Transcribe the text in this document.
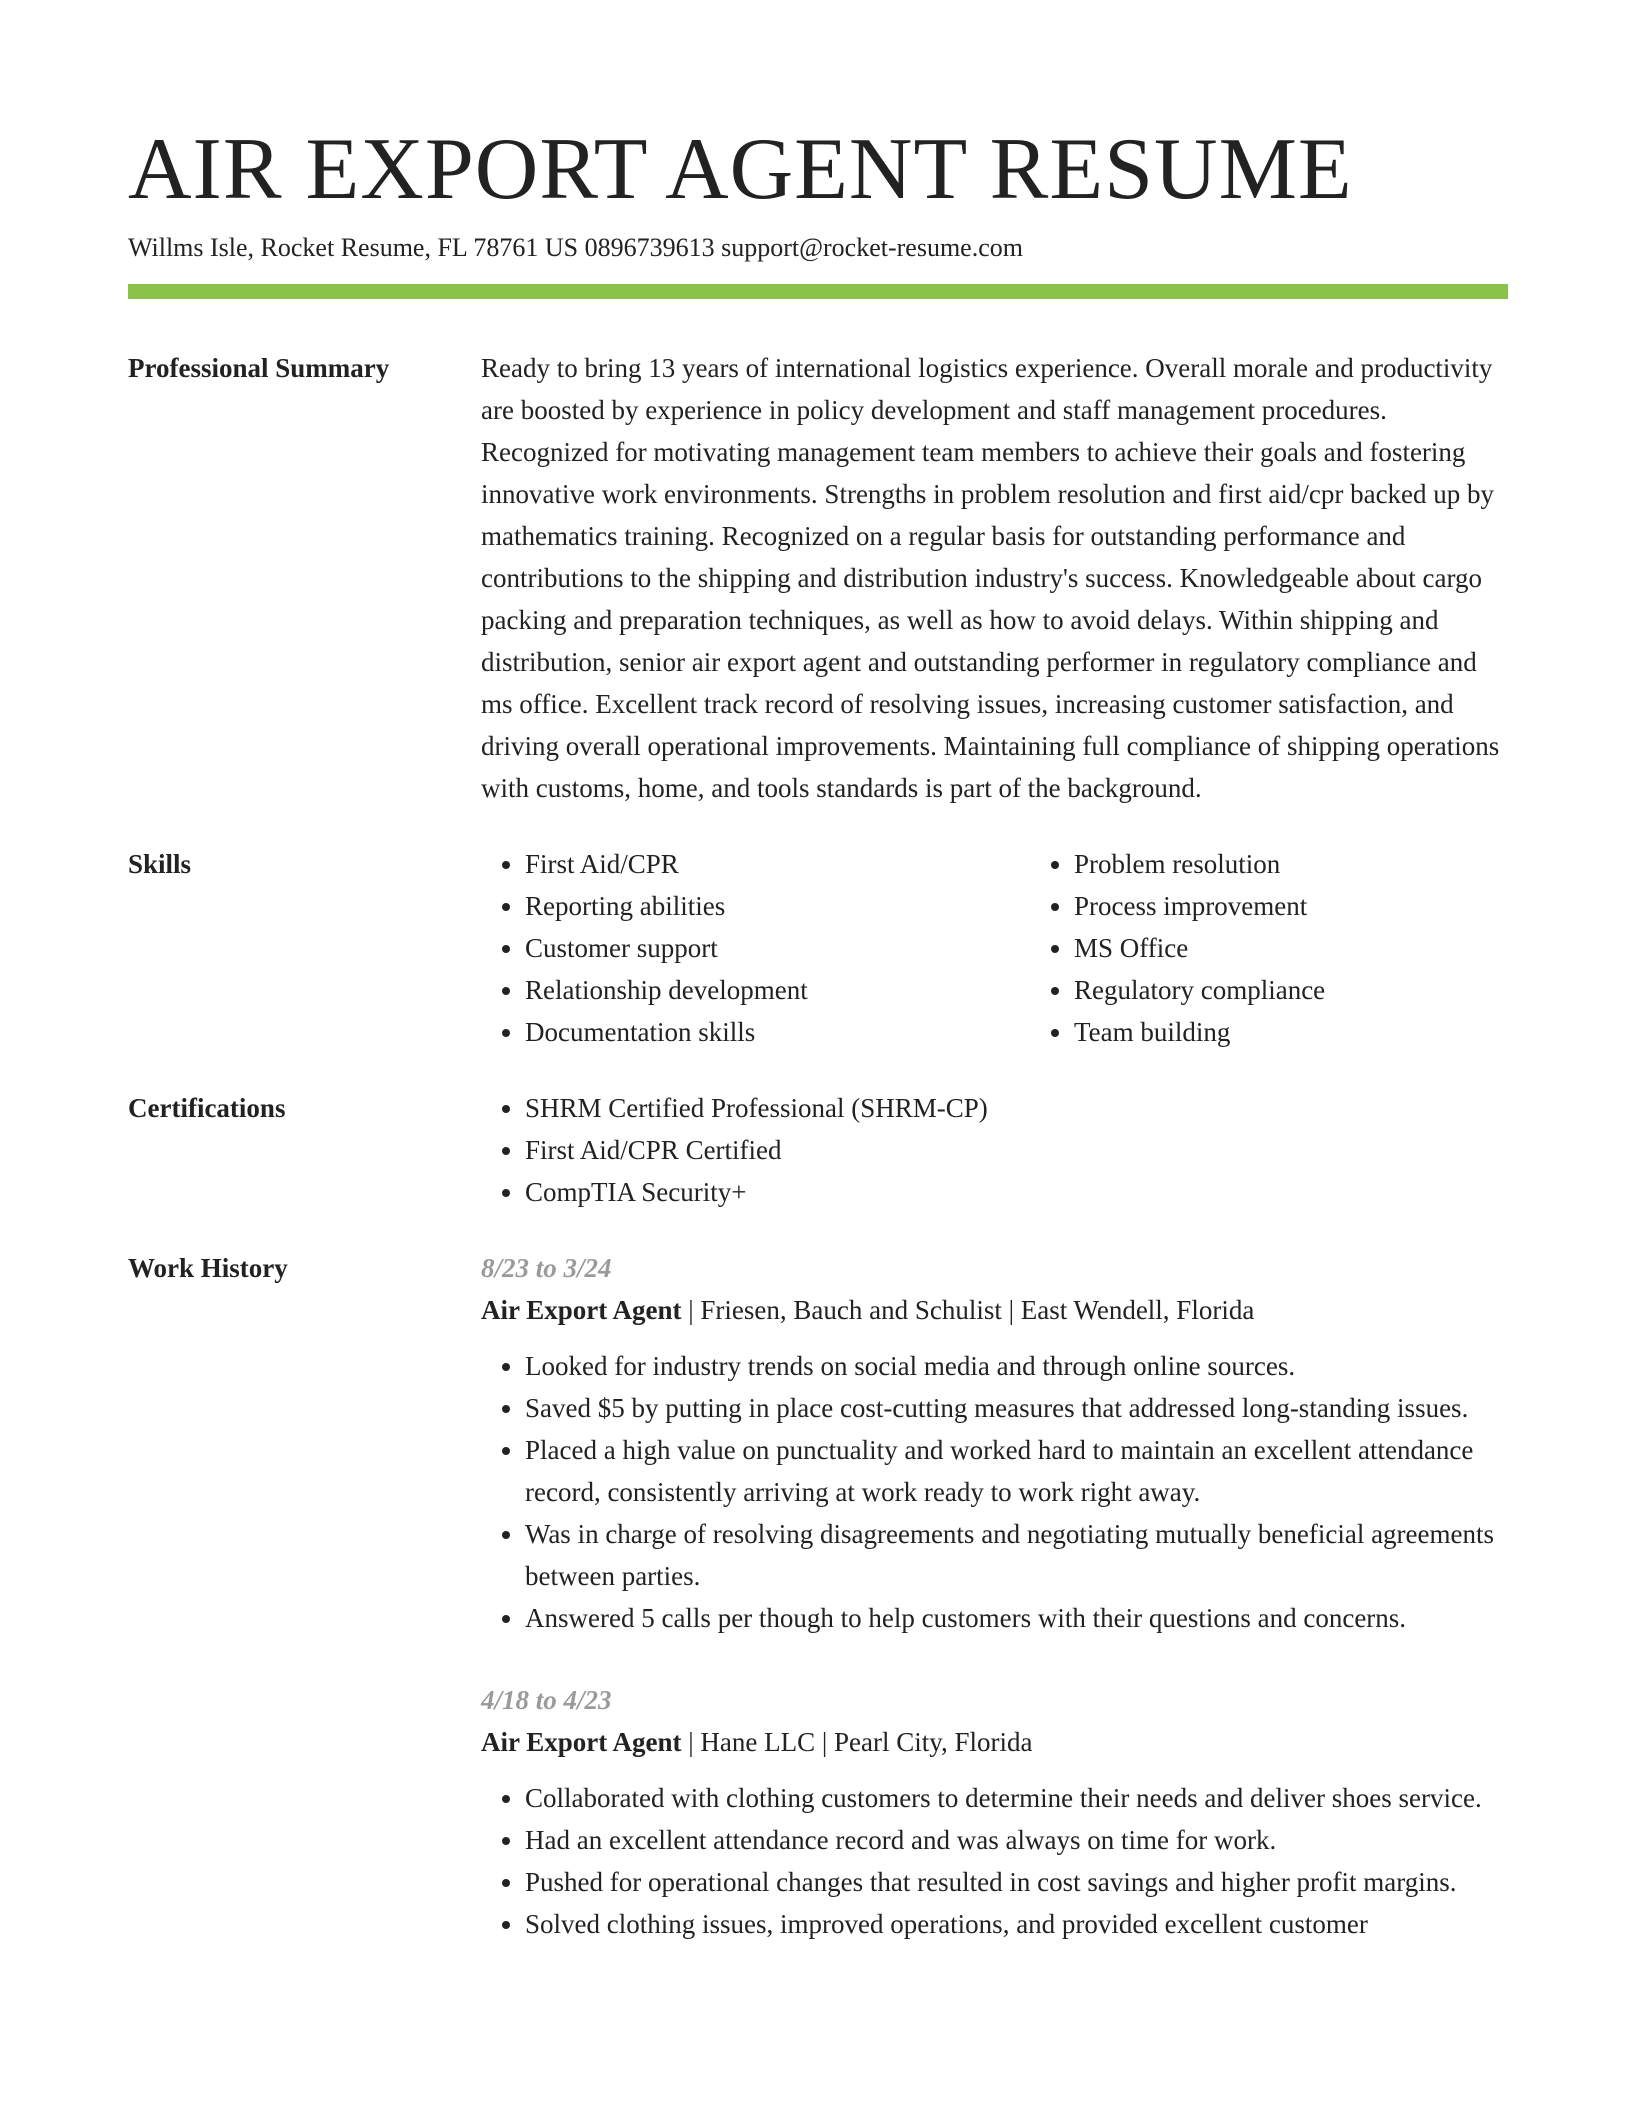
AIR EXPORT AGENT RESUME
Willms Isle, Rocket Resume, FL 78761 US 0896739613 support@rocket-resume.com
Professional Summary	Ready to bring 13 years of international logistics experience. Overall morale and productivity are boosted by experience in policy development and staff management procedures. Recognized for motivating management team members to achieve their goals and fostering innovative work environments. Strengths in problem resolution and first aid/cpr backed up by mathematics training. Recognized on a regular basis for outstanding performance and contributions to the shipping and distribution industry's success. Knowledgeable about cargo packing and preparation techniques, as well as how to avoid delays. Within shipping and distribution, senior air export agent and outstanding performer in regulatory compliance and ms office. Excellent track record of resolving issues, increasing customer satisfaction, and driving overall operational improvements. Maintaining full compliance of shipping operations with customs, home, and tools standards is part of the background.

Skills	• First Aid/CPR
• Reporting abilities
• Customer support
• Relationship development
• Documentation skills
• Problem resolution
• Process improvement
• MS Office
• Regulatory compliance
• Team building
Certifications	• SHRM Certified Professional (SHRM-CP)
• First Aid/CPR Certified
• CompTIA Security+
Work History	8/23 to 3/24
Air Export Agent | Friesen, Bauch and Schulist | East Wendell, Florida
• Looked for industry trends on social media and through online sources.
• Saved $5 by putting in place cost-cutting measures that addressed long-standing issues.
• Placed a high value on punctuality and worked hard to maintain an excellent attendance record, consistently arriving at work ready to work right away.
• Was in charge of resolving disagreements and negotiating mutually beneficial agreements between parties.
• Answered 5 calls per though to help customers with their questions and concerns.
4/18 to 4/23
Air Export Agent | Hane LLC | Pearl City, Florida
• Collaborated with clothing customers to determine their needs and deliver shoes service.
• Had an excellent attendance record and was always on time for work.
• Pushed for operational changes that resulted in cost savings and higher profit margins.
• Solved clothing issues, improved operations, and provided excellent customer
